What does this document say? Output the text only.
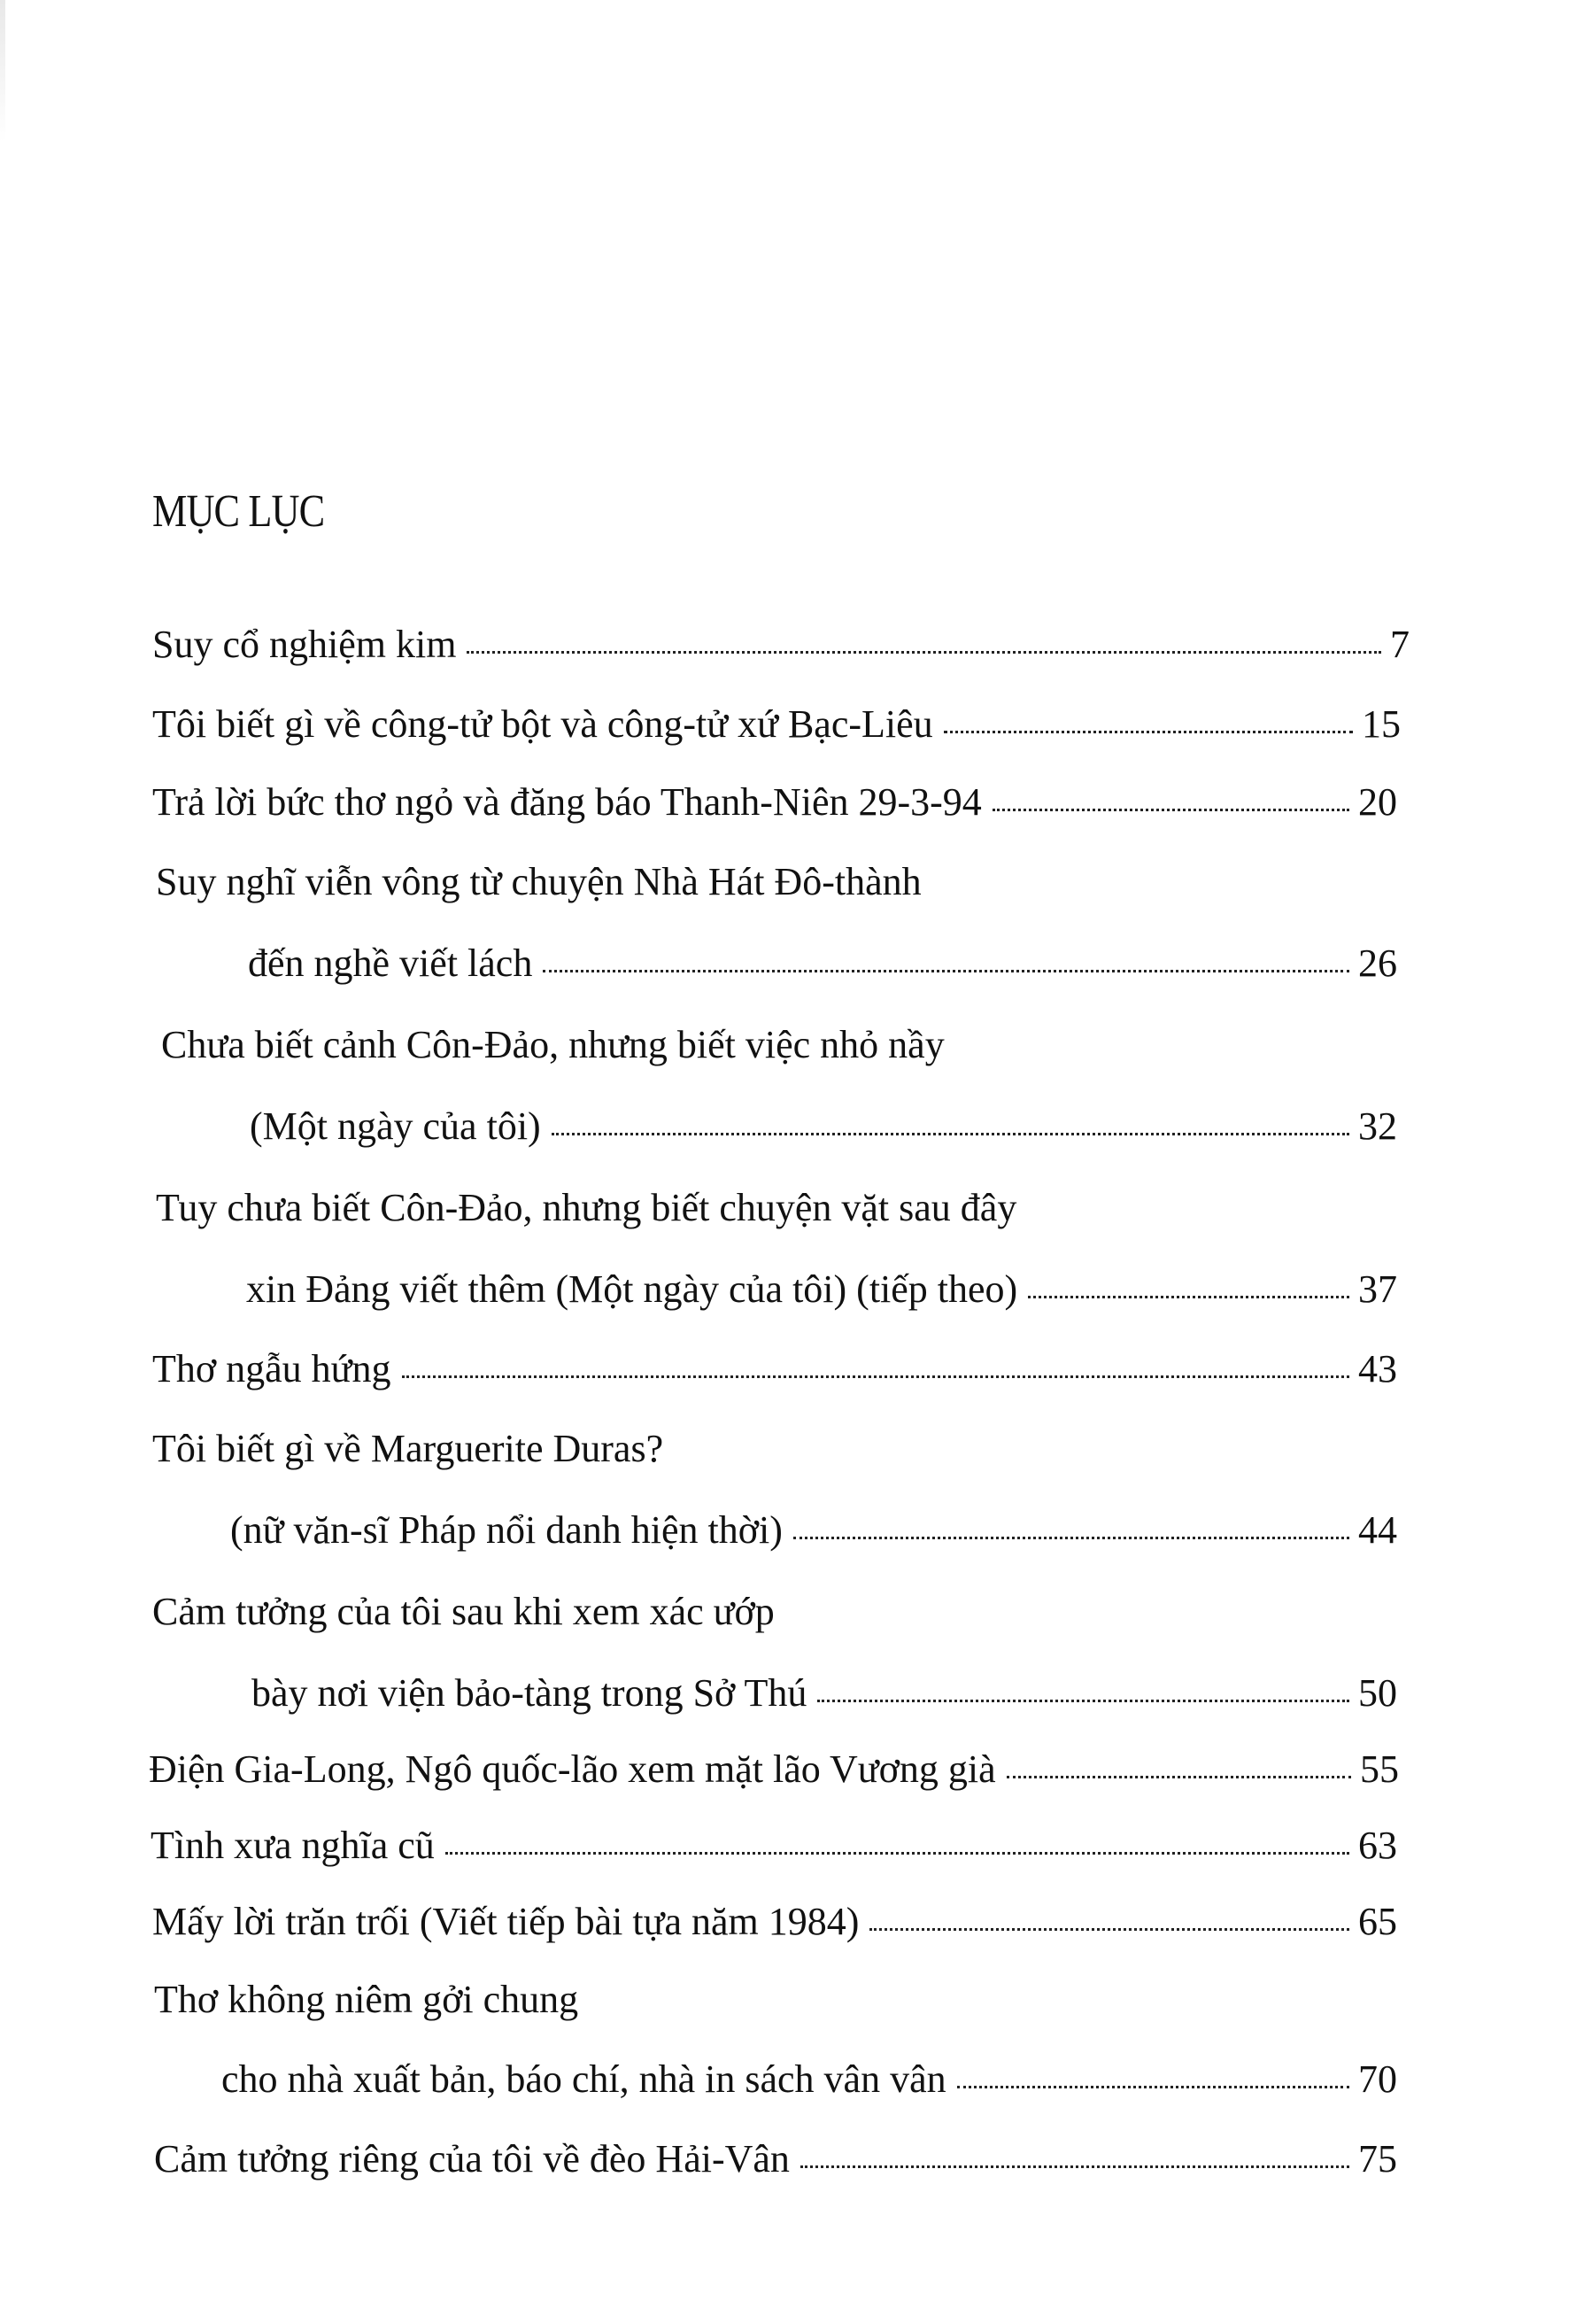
MỤC LỤC
Suy cổ nghiệm kim	7
Tôi biết gì về công-tử bột và công-tử xứ Bạc-Liêu	15
Trả lời bức thơ ngỏ và đăng báo Thanh-Niên 29-3-94	20
Suy nghĩ viễn vông từ chuyện Nhà Hát Đô-thành
đến nghề viết lách	26
Chưa biết cảnh Côn-Đảo, nhưng biết việc nhỏ nầy
(Một ngày của tôi)	32
Tuy chưa biết Côn-Đảo, nhưng biết chuyện vặt sau đây
xin Đảng viết thêm (Một ngày của tôi) (tiếp theo)	37
Thơ ngẫu hứng	43
Tôi biết gì về Marguerite Duras?
(nữ văn-sĩ Pháp nổi danh hiện thời)	44
Cảm tưởng của tôi sau khi xem xác ướp
bày nơi viện bảo-tàng trong Sở Thú	50
Điện Gia-Long, Ngô quốc-lão xem mặt lão Vương già	55
Tình xưa nghĩa cũ	63
Mấy lời trăn trối (Viết tiếp bài tựa năm 1984)	65
Thơ không niêm gởi chung
cho nhà xuất bản, báo chí, nhà in sách vân vân	70
Cảm tưởng riêng của tôi về đèo Hải-Vân	75
